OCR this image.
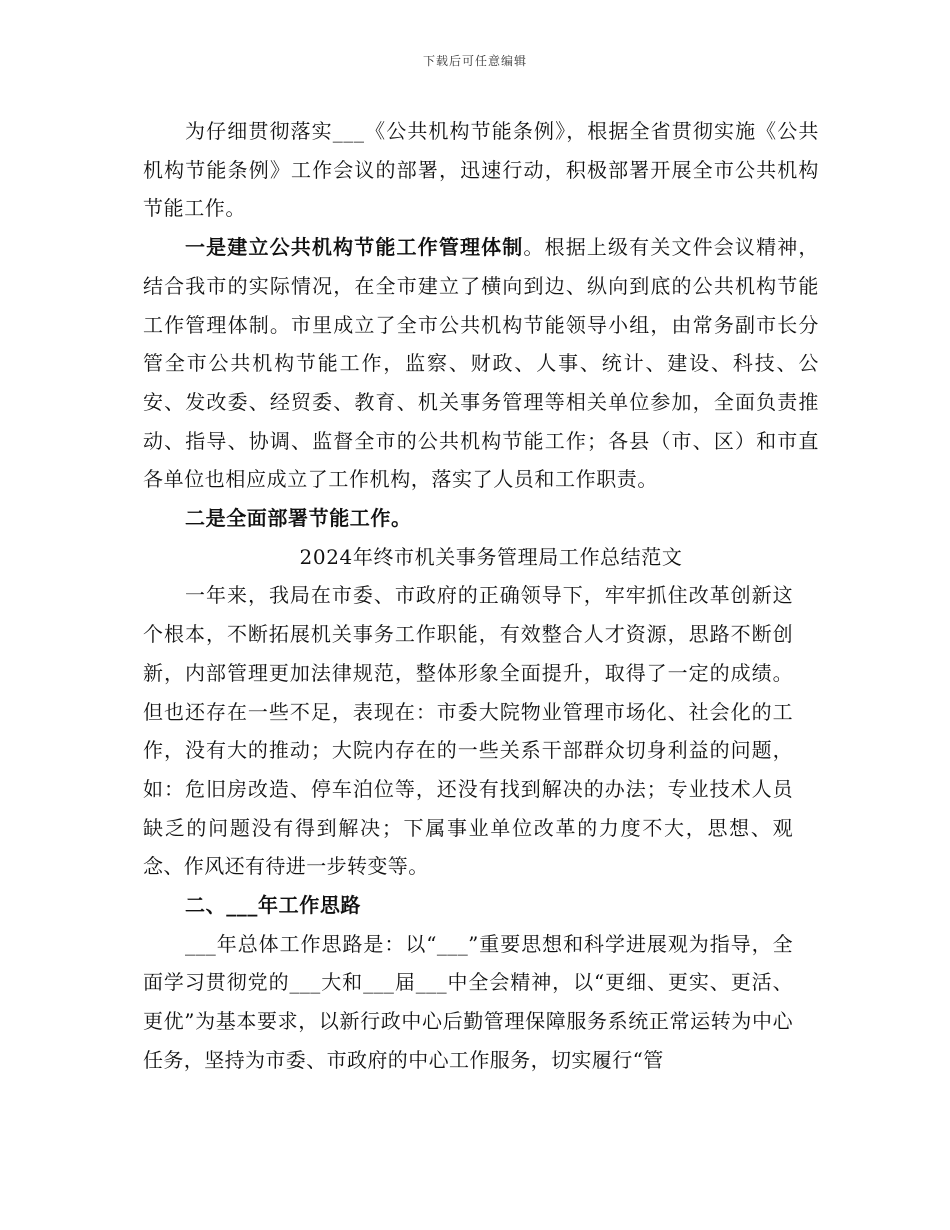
下载后可任意编辑

为仔细贯彻落实___《公共机构节能条例》，根据全省贯彻实施《公共机构节能条例》工作会议的部署，迅速行动，积极部署开展全市公共机构节能工作。

一是建立公共机构节能工作管理体制。根据上级有关文件会议精神，结合我市的实际情况，在全市建立了横向到边、纵向到底的公共机构节能工作管理体制。市里成立了全市公共机构节能领导小组，由常务副市长分管全市公共机构节能工作，监察、财政、人事、统计、建设、科技、公安、发改委、经贸委、教育、机关事务管理等相关单位参加，全面负责推动、指导、协调、监督全市的公共机构节能工作；各县（市、区）和市直各单位也相应成立了工作机构，落实了人员和工作职责。

二是全面部署节能工作。

2024年终市机关事务管理局工作总结范文

一年来，我局在市委、市政府的正确领导下，牢牢抓住改革创新这个根本，不断拓展机关事务工作职能，有效整合人才资源，思路不断创新，内部管理更加法律规范，整体形象全面提升，取得了一定的成绩。但也还存在一些不足，表现在：市委大院物业管理市场化、社会化的工作，没有大的推动；大院内存在的一些关系干部群众切身利益的问题，如：危旧房改造、停车泊位等，还没有找到解决的办法；专业技术人员缺乏的问题没有得到解决；下属事业单位改革的力度不大，思想、观念、作风还有待进一步转变等。

二、___年工作思路

___年总体工作思路是：以“___”重要思想和科学进展观为指导，全面学习贯彻党的___大和___届___中全会精神，以“更细、更实、更活、更优”为基本要求，以新行政中心后勤管理保障服务系统正常运转为中心任务，坚持为市委、市政府的中心工作服务，切实履行“管
